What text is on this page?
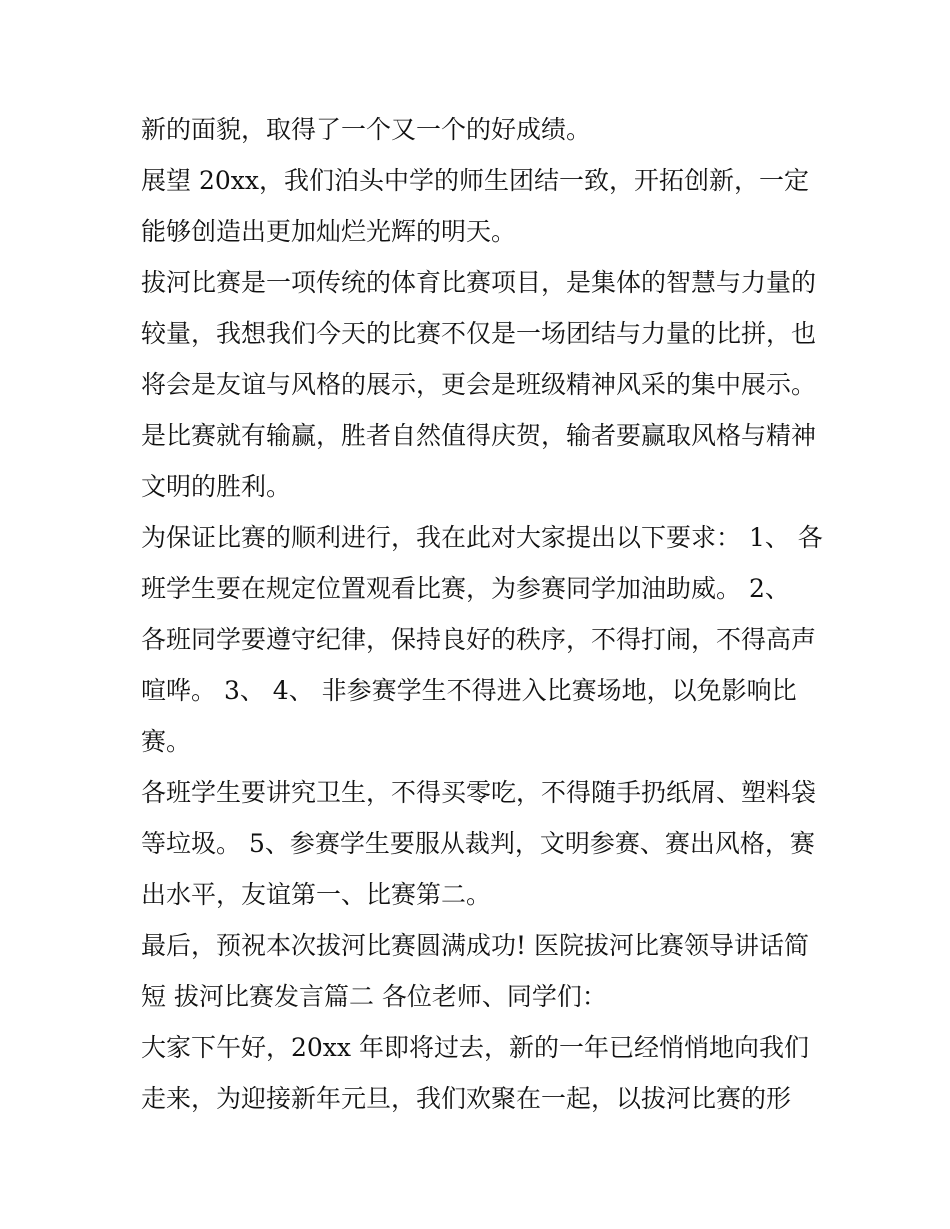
新的面貌，取得了一个又一个的好成绩。
展望 20xx，我们泊头中学的师生团结一致，开拓创新，一定
能够创造出更加灿烂光辉的明天。
拔河比赛是一项传统的体育比赛项目，是集体的智慧与力量的
较量，我想我们今天的比赛不仅是一场团结与力量的比拼，也
将会是友谊与风格的展示，更会是班级精神风采的集中展示。
是比赛就有输赢，胜者自然值得庆贺，输者要赢取风格与精神
文明的胜利。
为保证比赛的顺利进行，我在此对大家提出以下要求： 1、 各
班学生要在规定位置观看比赛，为参赛同学加油助威。 2、
各班同学要遵守纪律，保持良好的秩序，不得打闹，不得高声
喧哗。 3、 4、 非参赛学生不得进入比赛场地，以免影响比
赛。
各班学生要讲究卫生，不得买零吃，不得随手扔纸屑、塑料袋
等垃圾。 5、参赛学生要服从裁判，文明参赛、赛出风格，赛
出水平，友谊第一、比赛第二。
最后，预祝本次拔河比赛圆满成功! 医院拔河比赛领导讲话简
短 拔河比赛发言篇二 各位老师、同学们：
大家下午好，20xx 年即将过去，新的一年已经悄悄地向我们
走来，为迎接新年元旦，我们欢聚在一起，以拔河比赛的形
